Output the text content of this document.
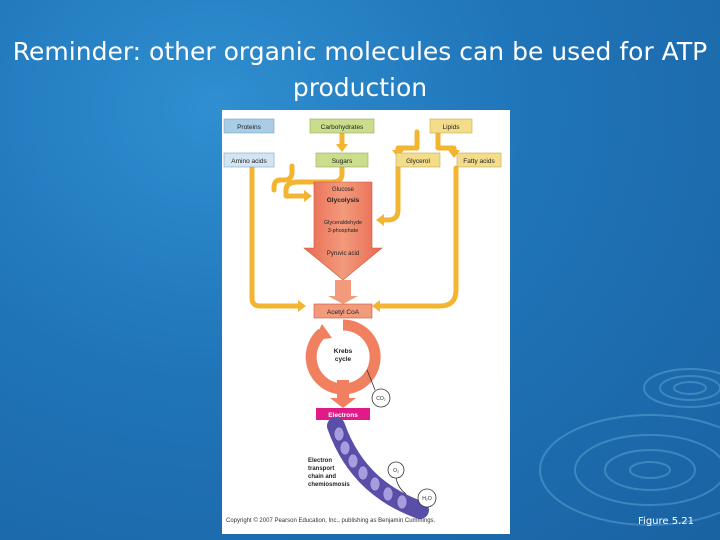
Reminder: other organic molecules can be used for ATP production
Proteins	Carbohydrates	Lipids
Amino acids	Sugars	Glycerol	Fatty acids
Glucose
Glycolysis
Glyceraldehyde
3-phosphate
Pyruvic acid
Acetyl CoA
Krebs
cycle
CO₂
Electrons
Electron
transport
chain and
chemiosmosis
O₂
H₂O
Copyright © 2007 Pearson Education, Inc., publishing as Benjamin Cummings.	Figure 5.21
